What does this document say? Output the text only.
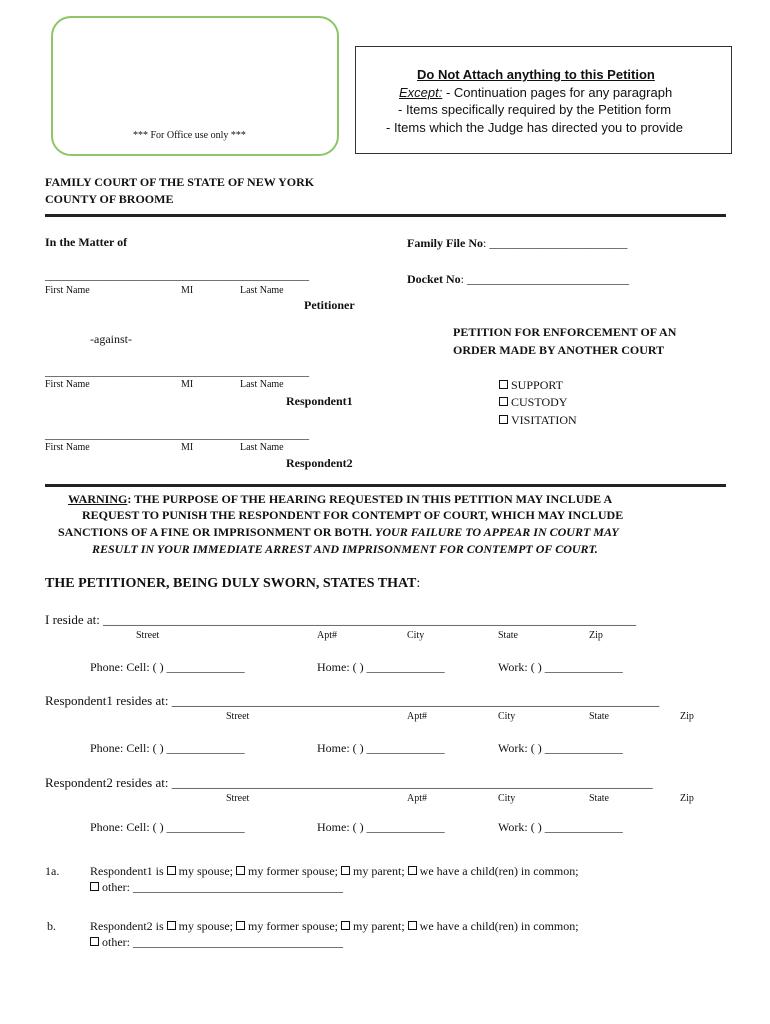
*** For Office use only ***
Do Not Attach anything to this Petition
Except: - Continuation pages for any paragraph
- Items specifically required by the Petition form
- Items which the Judge has directed you to provide
FAMILY COURT OF THE STATE OF NEW YORK
COUNTY OF BROOME
In the Matter of	Family File No: _______________________
Docket No: ___________________________
____________________________________________
First Name	MI	Last Name
Petitioner
-against-
____________________________________________
First Name	MI	Last Name
Respondent1
____________________________________________
First Name	MI	Last Name
Respondent2
PETITION FOR ENFORCEMENT OF AN
ORDER MADE BY ANOTHER COURT
SUPPORT
CUSTODY
VISITATION
WARNING: THE PURPOSE OF THE HEARING REQUESTED IN THIS PETITION MAY INCLUDE A
REQUEST TO PUNISH THE RESPONDENT FOR CONTEMPT OF COURT, WHICH MAY INCLUDE
SANCTIONS OF A FINE OR IMPRISONMENT OR BOTH. YOUR FAILURE TO APPEAR IN COURT MAY
RESULT IN YOUR IMMEDIATE ARREST AND IMPRISONMENT FOR CONTEMPT OF COURT.
THE PETITIONER, BEING DULY SWORN, STATES THAT:
I reside at: __________________________________________________________________________________
Street	Apt#	City	State	Zip
Phone: Cell: ( ) _____________	Home: ( ) _____________	Work: ( ) _____________
Respondent1 resides at: ___________________________________________________________________________
Street	Apt#	City	State	Zip
Phone: Cell: ( ) _____________	Home: ( ) _____________	Work: ( ) _____________
Respondent2 resides at: __________________________________________________________________________
Street	Apt#	City	State	Zip
Phone: Cell: ( ) _____________	Home: ( ) _____________	Work: ( ) _____________
1a.	Respondent1 is my spouse; my former spouse; my parent; we have a child(ren) in common;
other: ___________________________________
b.	Respondent2 is my spouse; my former spouse; my parent; we have a child(ren) in common;
other: ___________________________________
